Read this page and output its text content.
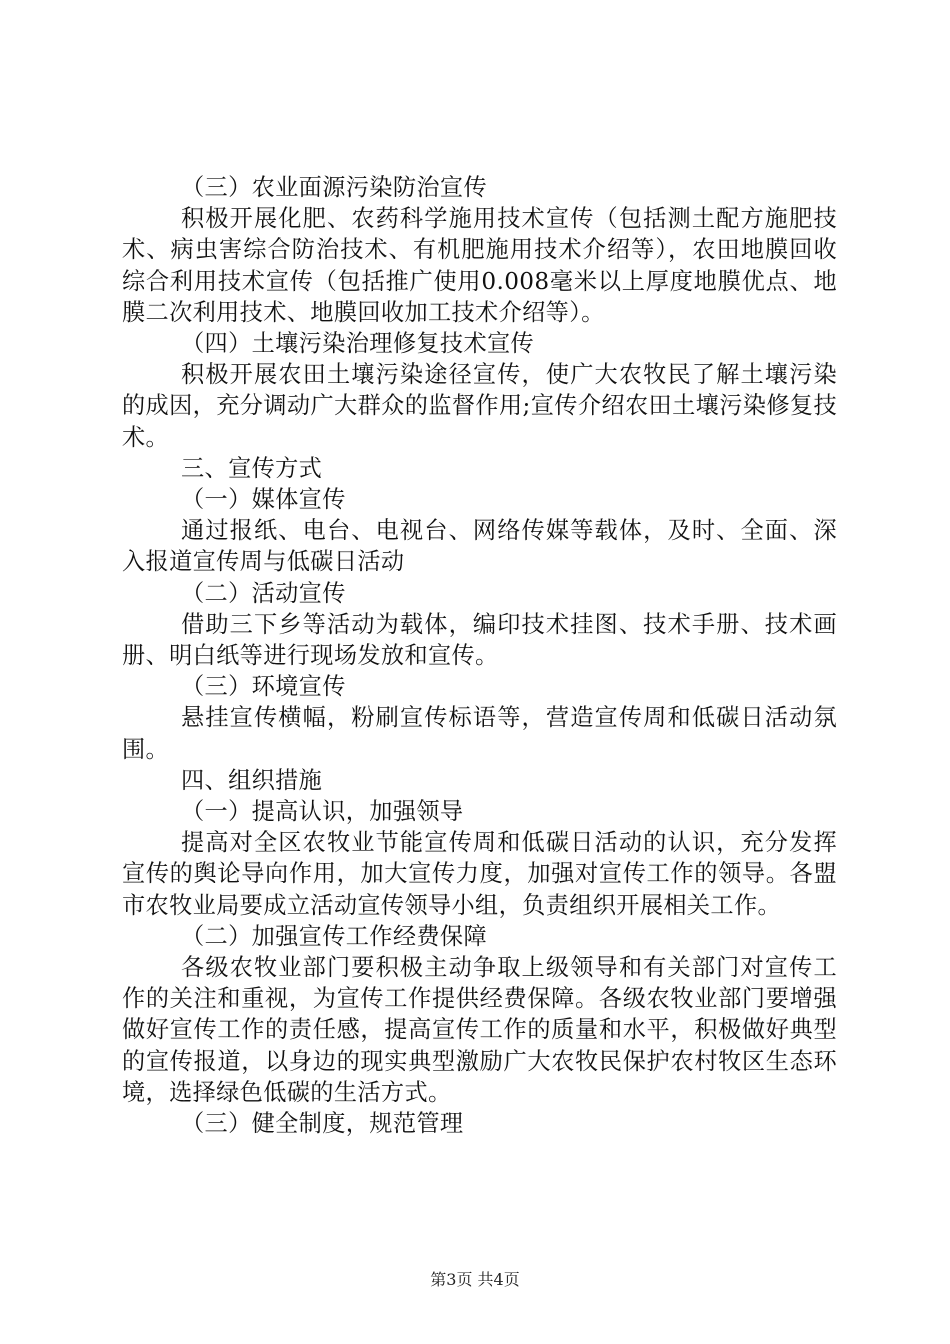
（三）农业面源污染防治宣传

积极开展化肥、农药科学施用技术宣传（包括测土配方施肥技术、病虫害综合防治技术、有机肥施用技术介绍等），农田地膜回收综合利用技术宣传（包括推广使用0.008毫米以上厚度地膜优点、地膜二次利用技术、地膜回收加工技术介绍等）。

（四）土壤污染治理修复技术宣传

积极开展农田土壤污染途径宣传，使广大农牧民了解土壤污染的成因，充分调动广大群众的监督作用;宣传介绍农田土壤污染修复技术。

三、宣传方式

（一）媒体宣传

通过报纸、电台、电视台、网络传媒等载体，及时、全面、深入报道宣传周与低碳日活动

（二）活动宣传

借助三下乡等活动为载体，编印技术挂图、技术手册、技术画册、明白纸等进行现场发放和宣传。

（三）环境宣传

悬挂宣传横幅，粉刷宣传标语等，营造宣传周和低碳日活动氛围。

四、组织措施

（一）提高认识，加强领导

提高对全区农牧业节能宣传周和低碳日活动的认识，充分发挥宣传的舆论导向作用，加大宣传力度，加强对宣传工作的领导。各盟市农牧业局要成立活动宣传领导小组，负责组织开展相关工作。

（二）加强宣传工作经费保障

各级农牧业部门要积极主动争取上级领导和有关部门对宣传工作的关注和重视，为宣传工作提供经费保障。各级农牧业部门要增强做好宣传工作的责任感，提高宣传工作的质量和水平，积极做好典型的宣传报道，以身边的现实典型激励广大农牧民保护农村牧区生态环境，选择绿色低碳的生活方式。

（三）健全制度，规范管理

第3页 共4页
